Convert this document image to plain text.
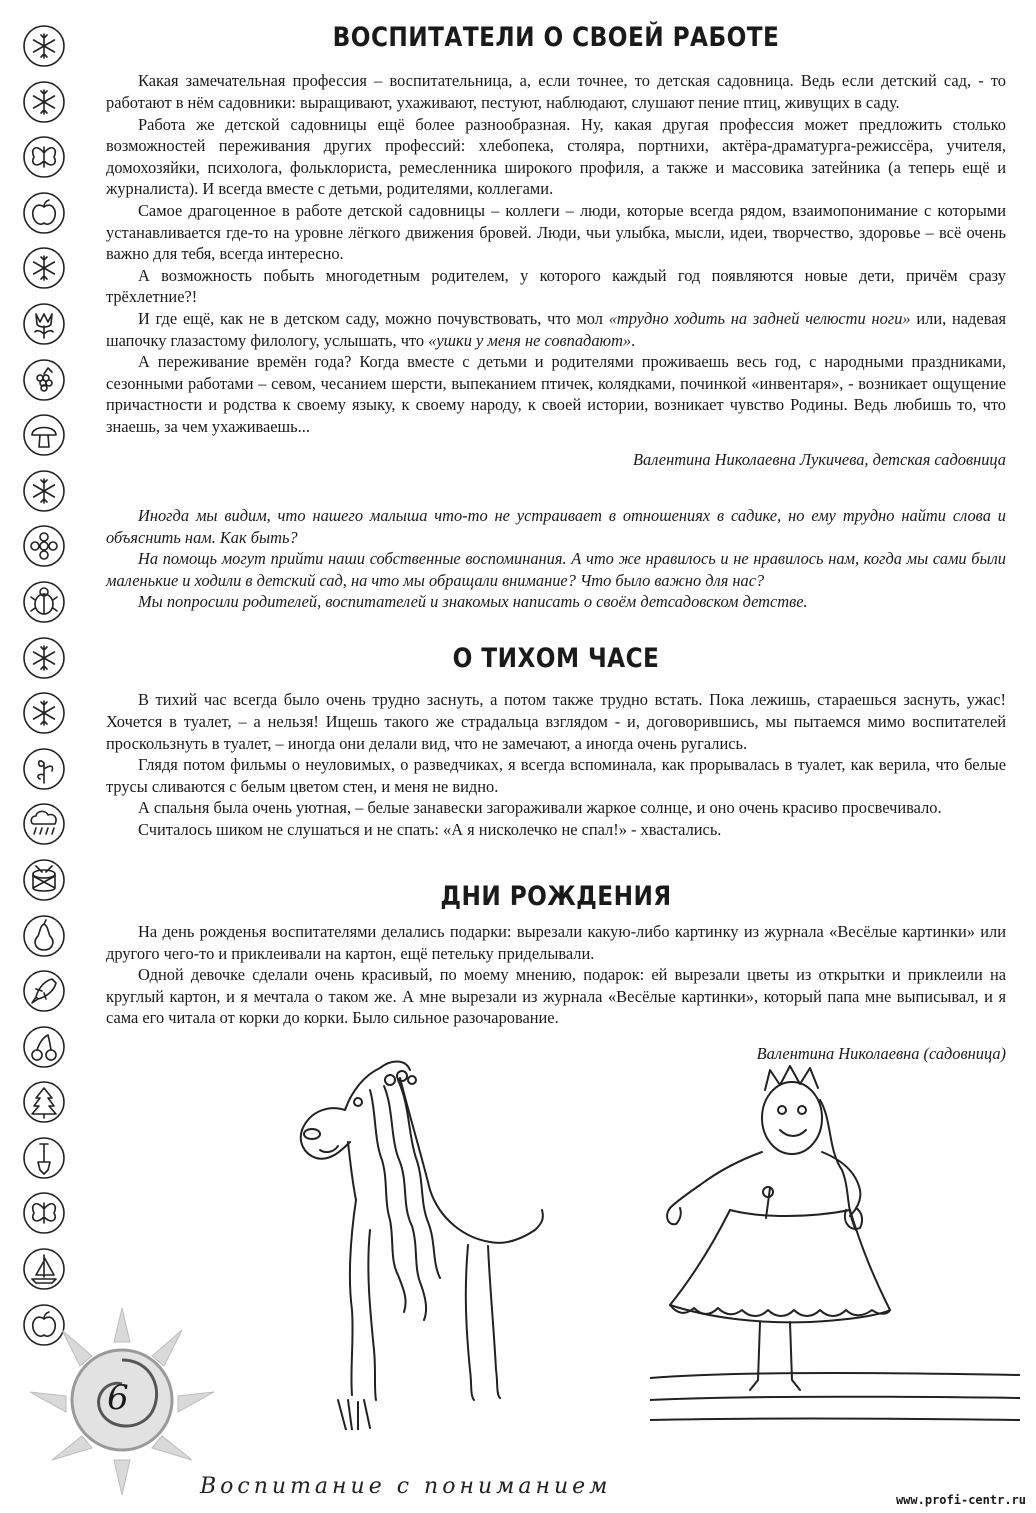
ВОСПИТАТЕЛИ О СВОЕЙ РАБОТЕ

Какая замечательная профессия – воспитательница, а, если точнее, то детская садовница. Ведь если детский сад, - то работают в нём садовники: выращивают, ухаживают, пестуют, наблюдают, слушают пение птиц, живущих в саду.

Работа же детской садовницы ещё более разнообразная. Ну, какая другая профессия может предложить столько возможностей переживания других профессий: хлебопека, столяра, портнихи, актёра-драматурга-режиссёра, учителя, домохозяйки, психолога, фольклориста, ремесленника широкого профиля, а также и массовика затейника (а теперь ещё и журналиста). И всегда вместе с детьми, родителями, коллегами.

Самое драгоценное в работе детской садовницы – коллеги – люди, которые всегда рядом, взаимопонимание с которыми устанавливается где-то на уровне лёгкого движения бровей. Люди, чьи улыбка, мысли, идеи, творчество, здоровье – всё очень важно для тебя, всегда интересно.

А возможность побыть многодетным родителем, у которого каждый год появляются новые дети, причём сразу трёхлетние?!

И где ещё, как не в детском саду, можно почувствовать, что мол «трудно ходить на задней челюсти ноги» или, надевая шапочку глазастому филологу, услышать, что «ушки у меня не совпадают».

А переживание времён года? Когда вместе с детьми и родителями проживаешь весь год, с народными праздниками, сезонными работами – севом, чесанием шерсти, выпеканием птичек, колядками, починкой «инвентаря», - возникает ощущение причастности и родства к своему языку, к своему народу, к своей истории, возникает чувство Родины. Ведь любишь то, что знаешь, за чем ухаживаешь...

Валентина Николаевна Лукичева, детская садовница

Иногда мы видим, что нашего малыша что-то не устраивает в отношениях в садике, но ему трудно найти слова и объяснить нам. Как быть?

На помощь могут прийти наши собственные воспоминания. А что же нравилось и не нравилось нам, когда мы сами были маленькие и ходили в детский сад, на что мы обращали внимание? Что было важно для нас?

Мы попросили родителей, воспитателей и знакомых написать о своём детсадовском детстве.

О ТИХОМ ЧАСЕ

В тихий час всегда было очень трудно заснуть, а потом также трудно встать. Пока лежишь, стараешься заснуть, ужас! Хочется в туалет, – а нельзя! Ищешь такого же страдальца взглядом - и, договорившись, мы пытаемся мимо воспитателей проскользнуть в туалет, – иногда они делали вид, что не замечают, а иногда очень ругались.

Глядя потом фильмы о неуловимых, о разведчиках, я всегда вспоминала, как прорывалась в туалет, как верила, что белые трусы сливаются с белым цветом стен, и меня не видно.

А спальня была очень уютная, – белые занавески загораживали жаркое солнце, и оно очень красиво просвечивало.

Считалось шиком не слушаться и не спать: «А я нисколечко не спал!» - хвастались.

ДНИ РОЖДЕНИЯ

На день рожденья воспитателями делались подарки: вырезали какую-либо картинку из журнала «Весёлые картинки» или другого чего-то и приклеивали на картон, ещё петельку приделывали.

Одной девочке сделали очень красивый, по моему мнению, подарок: ей вырезали цветы из открытки и приклеили на круглый картон, и я мечтала о таком же. А мне вырезали из журнала «Весёлые картинки», который папа мне выписывал, и я сама его читала от корки до корки. Было сильное разочарование.

Валентина Николаевна (садовница)

6
Воспитание с пониманием
www.profi-centr.ru
